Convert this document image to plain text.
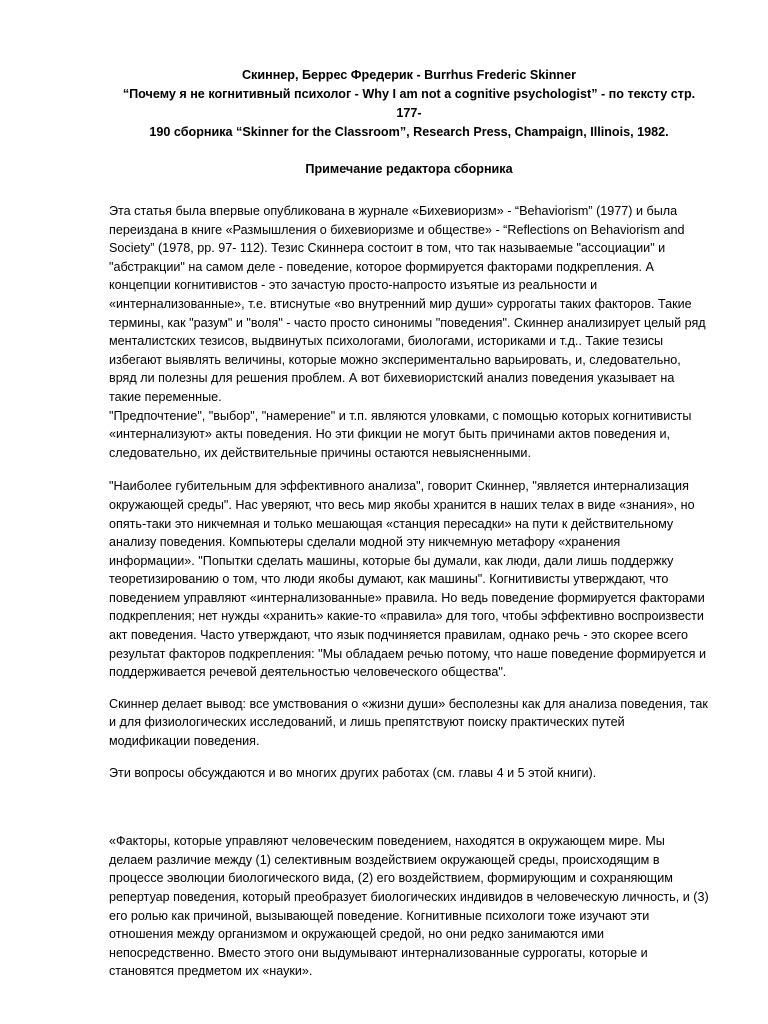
Скиннер, Беррес Фредерик - Burrhus Frederic Skinner

“Почему я не когнитивный психолог - Why I am not a cognitive psychologist” - по тексту стр. 177-

190 сборника “Skinner for the Classroom”, Research Press, Champaign, Illinois, 1982.

Примечание редактора сборника

Эта статья была впервые опубликована в журнале «Бихевиоризм» - “Behaviorism” (1977) и была переиздана в книге «Размышления о бихевиоризме и обществе» - “Reflections on Behaviorism and Society” (1978, pp. 97- 112). Тезис Скиннера состоит в том, что так называемые "ассоциации" и "абстракции" на самом деле - поведение, которое формируется факторами подкрепления. А концепции когнитивистов - это зачастую просто-напросто изъятые из реальности и «интернализованные», т.е. втиснутые «во внутренний мир души» суррогаты таких факторов. Такие термины, как "разум" и "воля" - часто просто синонимы "поведения". Скиннер анализирует целый ряд менталистских тезисов, выдвинутых психологами, биологами, историками и т.д.. Такие тезисы избегают выявлять величины, которые можно экспериментально варьировать, и, следовательно, вряд ли полезны для решения проблем. А вот бихевиористский анализ поведения указывает на такие переменные.

"Предпочтение", "выбор", "намерение" и т.п. являются уловками, с помощью которых когнитивисты «интернализуют» акты поведения. Но эти фикции не могут быть причинами актов поведения и, следовательно, их действительные причины остаются невыясненными.

"Наиболее губительным для эффективного анализа", говорит Скиннер, "является интернализация окружающей среды". Нас уверяют, что весь мир якобы хранится в наших телах в виде «знания», но опять-таки это никчемная и только мешающая «станция пересадки» на пути к действительному анализу поведения. Компьютеры сделали модной эту никчемную метафору «хранения информации». "Попытки сделать машины, которые бы думали, как люди, дали лишь поддержку теоретизированию о том, что люди якобы думают, как машины". Когнитивисты утверждают, что поведением управляют «интернализованные» правила. Но ведь поведение формируется факторами подкрепления; нет нужды «хранить» какие-то «правила» для того, чтобы эффективно воспроизвести акт поведения. Часто утверждают, что язык подчиняется правилам, однако речь - это скорее всего результат факторов подкрепления: "Мы обладаем речью потому, что наше поведение формируется и поддерживается речевой деятельностью человеческого общества".

Скиннер делает вывод: все умствования о «жизни души» бесполезны как для анализа поведения, так и для физиологических исследований, и лишь препятствуют поиску практических путей модификации поведения.

Эти вопросы обсуждаются и во многих других работах (см. главы 4 и 5 этой книги).

«Факторы, которые управляют человеческим поведением, находятся в окружающем мире. Мы делаем различие между (1) селективным воздействием окружающей среды, происходящим в процессе эволюции биологического вида, (2) его воздействием, формирующим и сохраняющим репертуар поведения, который преобразует биологических индивидов в человеческую личность, и (3) его ролью как причиной, вызывающей поведение. Когнитивные психологи тоже изучают эти отношения между организмом и окружающей средой, но они редко занимаются ими непосредственно. Вместо этого они выдумывают интернализованные суррогаты, которые и становятся предметом их «науки».
